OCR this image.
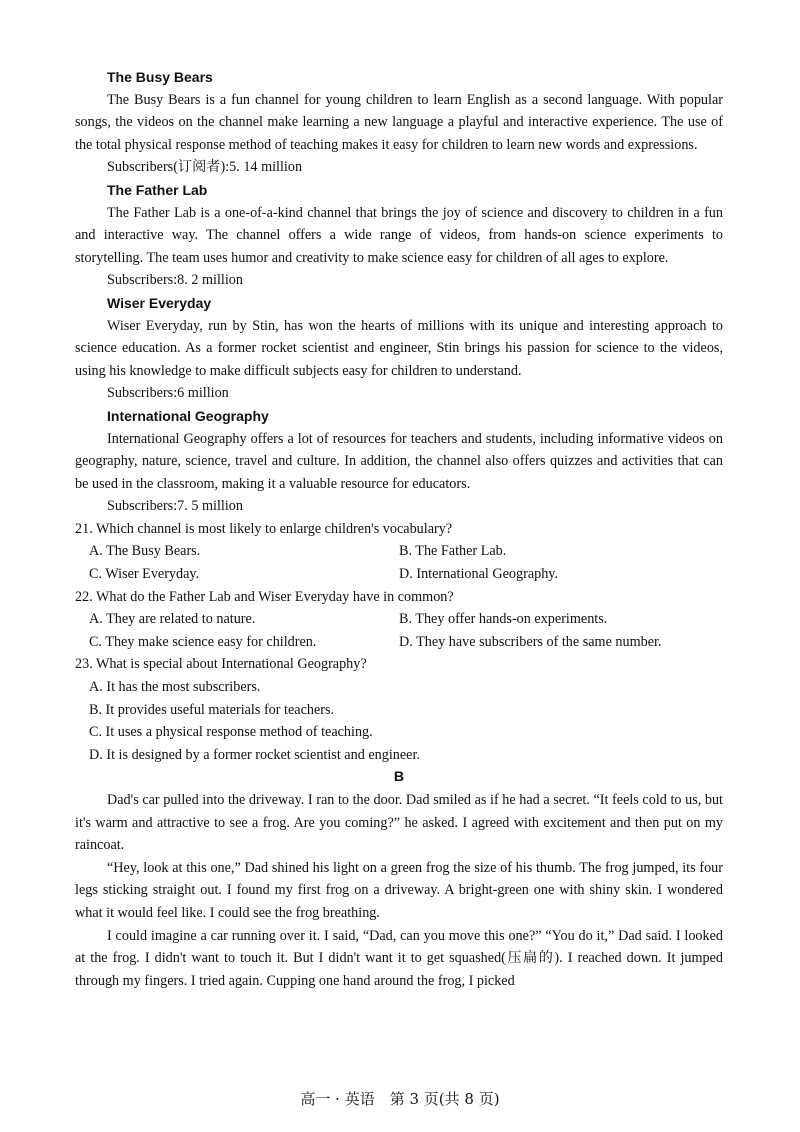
The Busy Bears

The Busy Bears is a fun channel for young children to learn English as a second language. With popular songs, the videos on the channel make learning a new language a playful and interactive experience. The use of the total physical response method of teaching makes it easy for children to learn new words and expressions.

Subscribers(订阅者):5. 14 million
The Father Lab

The Father Lab is a one-of-a-kind channel that brings the joy of science and discovery to children in a fun and interactive way. The channel offers a wide range of videos, from hands-on science experiments to storytelling. The team uses humor and creativity to make science easy for children of all ages to explore.

Subscribers:8. 2 million
Wiser Everyday

Wiser Everyday, run by Stin, has won the hearts of millions with its unique and interesting approach to science education. As a former rocket scientist and engineer, Stin brings his passion for science to the videos, using his knowledge to make difficult subjects easy for children to understand.

Subscribers:6 million
International Geography

International Geography offers a lot of resources for teachers and students, including informative videos on geography, nature, science, travel and culture. In addition, the channel also offers quizzes and activities that can be used in the classroom, making it a valuable resource for educators.

Subscribers:7. 5 million
21. Which channel is most likely to enlarge children's vocabulary?
A. The Busy Bears.	B. The Father Lab.
C. Wiser Everyday.	D. International Geography.
22. What do the Father Lab and Wiser Everyday have in common?
A. They are related to nature.	B. They offer hands-on experiments.
C. They make science easy for children.	D. They have subscribers of the same number.
23. What is special about International Geography?
A. It has the most subscribers.
B. It provides useful materials for teachers.
C. It uses a physical response method of teaching.
D. It is designed by a former rocket scientist and engineer.
B

Dad's car pulled into the driveway. I ran to the door. Dad smiled as if he had a secret. “It feels cold to us, but it's warm and attractive to see a frog. Are you coming?” he asked. I agreed with excitement and then put on my raincoat.

“Hey, look at this one,” Dad shined his light on a green frog the size of his thumb. The frog jumped, its four legs sticking straight out. I found my first frog on a driveway. A bright-green one with shiny skin. I wondered what it would feel like. I could see the frog breathing.

I could imagine a car running over it. I said, “Dad, can you move this one?” “You do it,” Dad said. I looked at the frog. I didn't want to touch it. But I didn't want it to get squashed(压扁的). I reached down. It jumped through my fingers. I tried again. Cupping one hand around the frog, I picked

高一 · 英语　第 3 页(共 8 页)
